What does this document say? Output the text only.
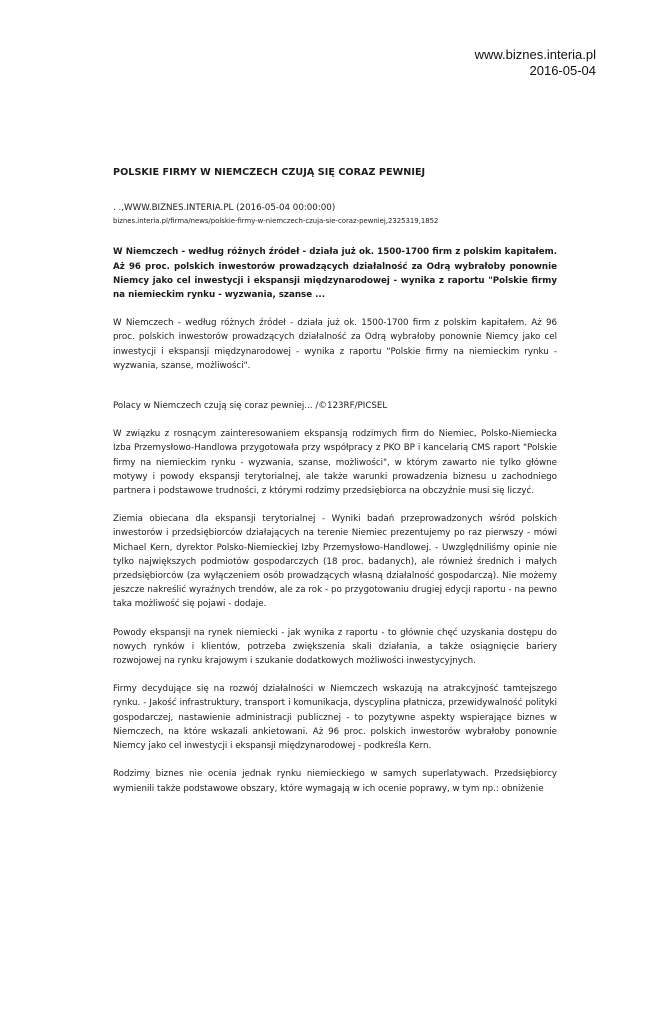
www.biznes.interia.pl
2016-05-04

POLSKIE FIRMY W NIEMCZECH CZUJĄ SIĘ CORAZ PEWNIEJ

. .,WWW.BIZNES.INTERIA.PL (2016-05-04 00:00:00)

biznes.interia.pl/firma/news/polskie-firmy-w-niemczech-czuja-sie-coraz-pewniej,2325319,1852

W Niemczech - według różnych źródeł - działa już ok. 1500-1700 firm z polskim kapitałem. Aż 96 proc. polskich inwestorów prowadzących działalność za Odrą wybrałoby ponownie Niemcy jako cel inwestycji i ekspansji międzynarodowej - wynika z raportu "Polskie firmy na niemieckim rynku - wyzwania, szanse ...

W Niemczech - według różnych źródeł - działa już ok. 1500-1700 firm z polskim kapitałem. Aż 96 proc. polskich inwestorów prowadzących działalność za Odrą wybrałoby ponownie Niemcy jako cel inwestycji i ekspansji międzynarodowej - wynika z raportu "Polskie firmy na niemieckim rynku - wyzwania, szanse, możliwości".

Polacy w Niemczech czują się coraz pewniej... /©123RF/PICSEL

W związku z rosnącym zainteresowaniem ekspansją rodzimych firm do Niemiec, Polsko-Niemiecka Izba Przemysłowo-Handlowa przygotowała przy współpracy z PKO BP i kancelarią CMS raport "Polskie firmy na niemieckim rynku - wyzwania, szanse, możliwości", w którym zawarto nie tylko główne motywy i powody ekspansji terytorialnej, ale także warunki prowadzenia biznesu u zachodniego partnera i podstawowe trudności, z którymi rodzimy przedsiębiorca na obczyźnie musi się liczyć.

Ziemia obiecana dla ekspansji terytorialnej - Wyniki badań przeprowadzonych wśród polskich inwestorów i przedsiębiorców działających na terenie Niemiec prezentujemy po raz pierwszy - mówi Michael Kern, dyrektor Polsko-Niemieckiej Izby Przemysłowo-Handlowej. - Uwzględniliśmy opinie nie tylko największych podmiotów gospodarczych (18 proc. badanych), ale również średnich i małych przedsiębiorców (za wyłączeniem osób prowadzących własną działalność gospodarczą). Nie możemy jeszcze nakreślić wyraźnych trendów, ale za rok - po przygotowaniu drugiej edycji raportu - na pewno taka możliwość się pojawi - dodaje.

Powody ekspansji na rynek niemiecki - jak wynika z raportu - to głównie chęć uzyskania dostępu do nowych rynków i klientów, potrzeba zwiększenia skali działania, a także osiągnięcie bariery rozwojowej na rynku krajowym i szukanie dodatkowych możliwości inwestycyjnych.

Firmy decydujące się na rozwój działalności w Niemczech wskazują na atrakcyjność tamtejszego rynku. - Jakość infrastruktury, transport i komunikacja, dyscyplina płatnicza, przewidywalność polityki gospodarczej, nastawienie administracji publicznej - to pozytywne aspekty wspierające biznes w Niemczech, na które wskazali ankietowani. Aż 96 proc. polskich inwestorów wybrałoby ponownie Niemcy jako cel inwestycji i ekspansji międzynarodowej - podkreśla Kern.

Rodzimy biznes nie ocenia jednak rynku niemieckiego w samych superlatywach. Przedsiębiorcy wymienili także podstawowe obszary, które wymagają w ich ocenie poprawy, w tym np.: obniżenie
